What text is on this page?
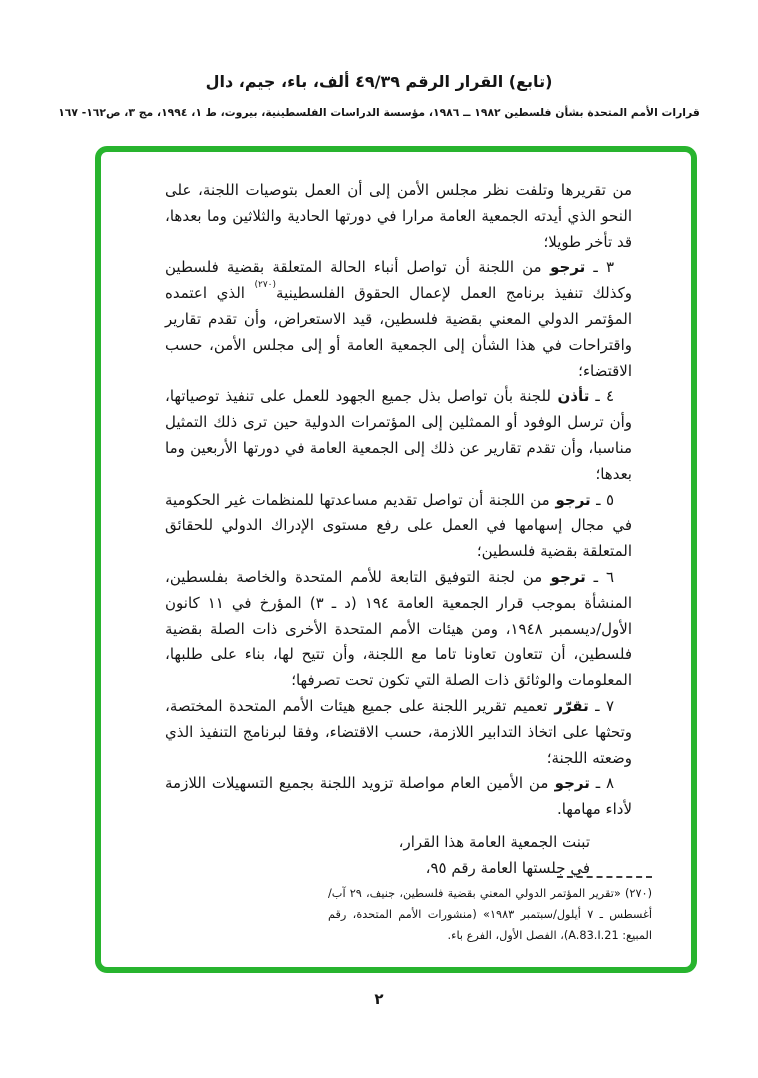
(تابع) القرار الرقم ٤٩/٣٩ ألف، باء، جيم، دال
قرارات الأمم المتحدة بشأن فلسطين ١٩٨٢ ــ ١٩٨٦، مؤسسة الدراسات الفلسطينية، بيروت، ط ١، ١٩٩٤، مج ٣، ص١٦٢- ١٦٧

من تقريرها وتلفت نظر مجلس الأمن إلى أن العمل بتوصيات اللجنة، على النحو الذي أيدته الجمعية العامة مرارا في دورتها الحادية والثلاثين وما بعدها، قد تأخر طويلا؛

٣ ـ ترجو من اللجنة أن تواصل أنباء الحالة المتعلقة بقضية فلسطين وكذلك تنفيذ برنامج العمل لإعمال الحقوق الفلسطينية$^{(٢٧٠)}$ الذي اعتمده المؤتمر الدولي المعني بقضية فلسطين، قيد الاستعراض، وأن تقدم تقارير واقتراحات في هذا الشأن إلى الجمعية العامة أو إلى مجلس الأمن، حسب الاقتضاء؛

٤ ـ تأذن للجنة بأن تواصل بذل جميع الجهود للعمل على تنفيذ توصياتها، وأن ترسل الوفود أو الممثلين إلى المؤتمرات الدولية حين ترى ذلك التمثيل مناسبا، وأن تقدم تقارير عن ذلك إلى الجمعية العامة في دورتها الأربعين وما بعدها؛

٥ ـ ترجو من اللجنة أن تواصل تقديم مساعدتها للمنظمات غير الحكومية في مجال إسهامها في العمل على رفع مستوى الإدراك الدولي للحقائق المتعلقة بقضية فلسطين؛

٦ ـ ترجو من لجنة التوفيق التابعة للأمم المتحدة والخاصة بفلسطين، المنشأة بموجب قرار الجمعية العامة ١٩٤ (د ـ ٣) المؤرخ في ١١ كانون الأول/ديسمبر ١٩٤٨، ومن هيئات الأمم المتحدة الأخرى ذات الصلة بقضية فلسطين، أن تتعاون تعاونا تاما مع اللجنة، وأن تتيح لها، بناء على طلبها، المعلومات والوثائق ذات الصلة التي تكون تحت تصرفها؛

٧ ـ تقرّر تعميم تقرير اللجنة على جميع هيئات الأمم المتحدة المختصة، وتحثها على اتخاذ التدابير اللازمة، حسب الاقتضاء، وفقا لبرنامج التنفيذ الذي وضعته اللجنة؛

٨ ـ ترجو من الأمين العام مواصلة تزويد اللجنة بجميع التسهيلات اللازمة لأداء مهامها.

تبنت الجمعية العامة هذا القرار،
في جلستها العامة رقم ٩٥،
(٢٧٠) «تقرير المؤتمر الدولي المعني بقضية فلسطين، جنيف، ٢٩ آب/أغسطس ـ ٧ أيلول/سبتمبر ١٩٨٣» (منشورات الأمم المتحدة، رقم المبيع: A.83.I.21)، الفصل الأول، الفرع باء.
٢
